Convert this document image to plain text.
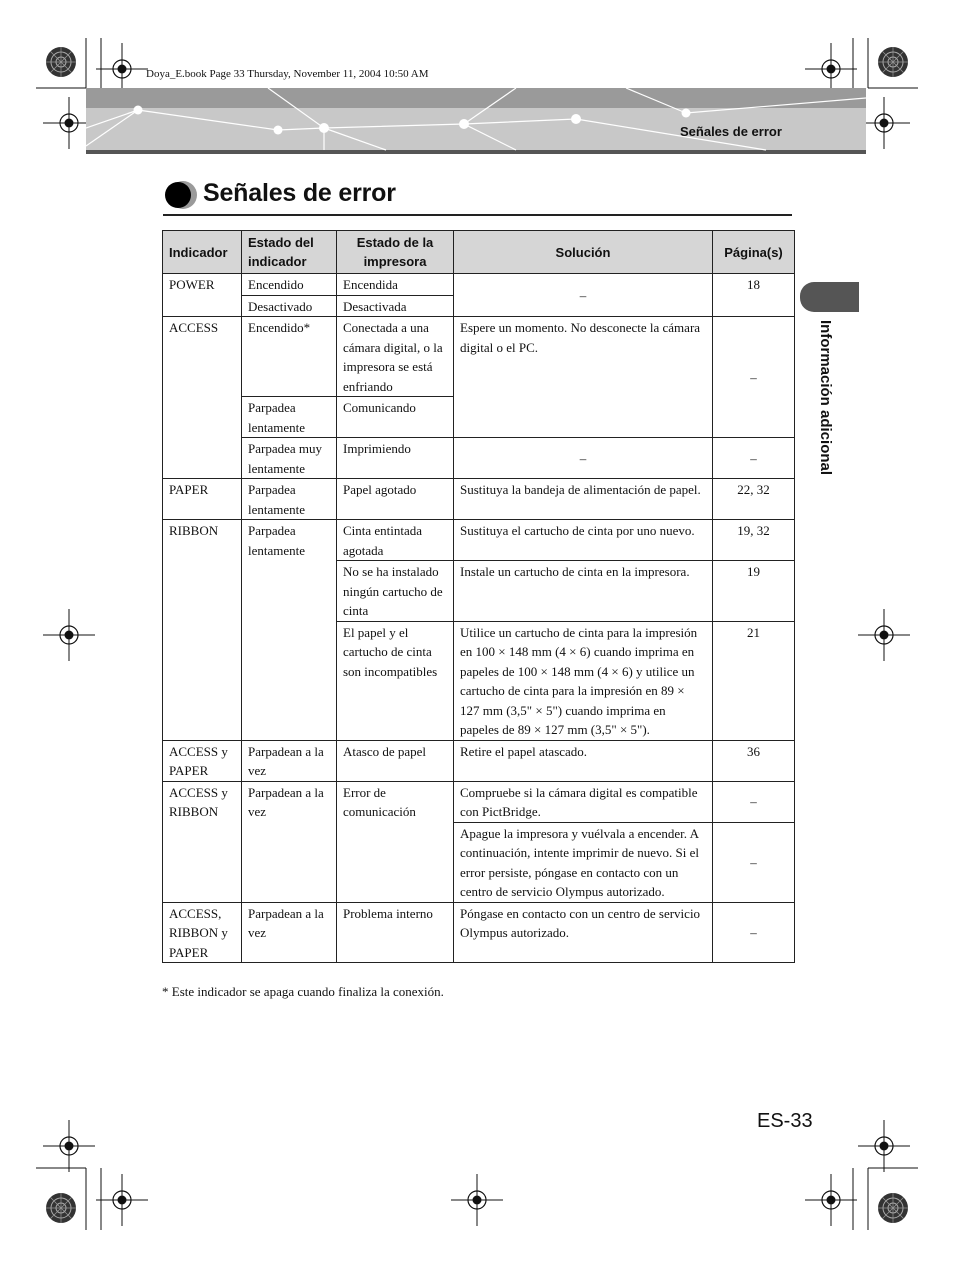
Doya_E.book Page 33 Thursday, November 11, 2004 10:50 AM
Señales de error
Señales de error
Información adicional
Indicador	Estado del indicador	Estado de la impresora	Solución	Página(s)
POWER	Encendido	Encendida	–	18
	Desactivado	Desactivada		
ACCESS	Encendido*	Conectada a una cámara digital, o la impresora se está enfriando	Espere un momento. No desconecte la cámara digital o el PC.	–
	Parpadea lentamente	Comunicando		
	Parpadea muy lentamente	Imprimiendo	–	–
PAPER	Parpadea lentamente	Papel agotado	Sustituya la bandeja de alimentación de papel.	22, 32
RIBBON	Parpadea lentamente	Cinta entintada agotada	Sustituya el cartucho de cinta por uno nuevo.	19, 32
		No se ha instalado ningún cartucho de cinta	Instale un cartucho de cinta en la impresora.	19
		El papel y el cartucho de cinta son incompatibles	Utilice un cartucho de cinta para la impresión en 100 × 148 mm (4 × 6) cuando imprima en papeles de 100 × 148 mm (4 × 6) y utilice un cartucho de cinta para la impresión en 89 × 127 mm (3,5" × 5") cuando imprima en papeles de 89 × 127 mm (3,5" × 5").	21
ACCESS y PAPER	Parpadean a la vez	Atasco de papel	Retire el papel atascado.	36
ACCESS y RIBBON	Parpadean a la vez	Error de comunicación	Compruebe si la cámara digital es compatible con PictBridge.	–
			Apague la impresora y vuélvala a encender. A continuación, intente imprimir de nuevo. Si el error persiste, póngase en contacto con un centro de servicio Olympus autorizado.	–
ACCESS, RIBBON y PAPER	Parpadean a la vez	Problema interno	Póngase en contacto con un centro de servicio Olympus autorizado.	–
* Este indicador se apaga cuando finaliza la conexión.
ES-33
